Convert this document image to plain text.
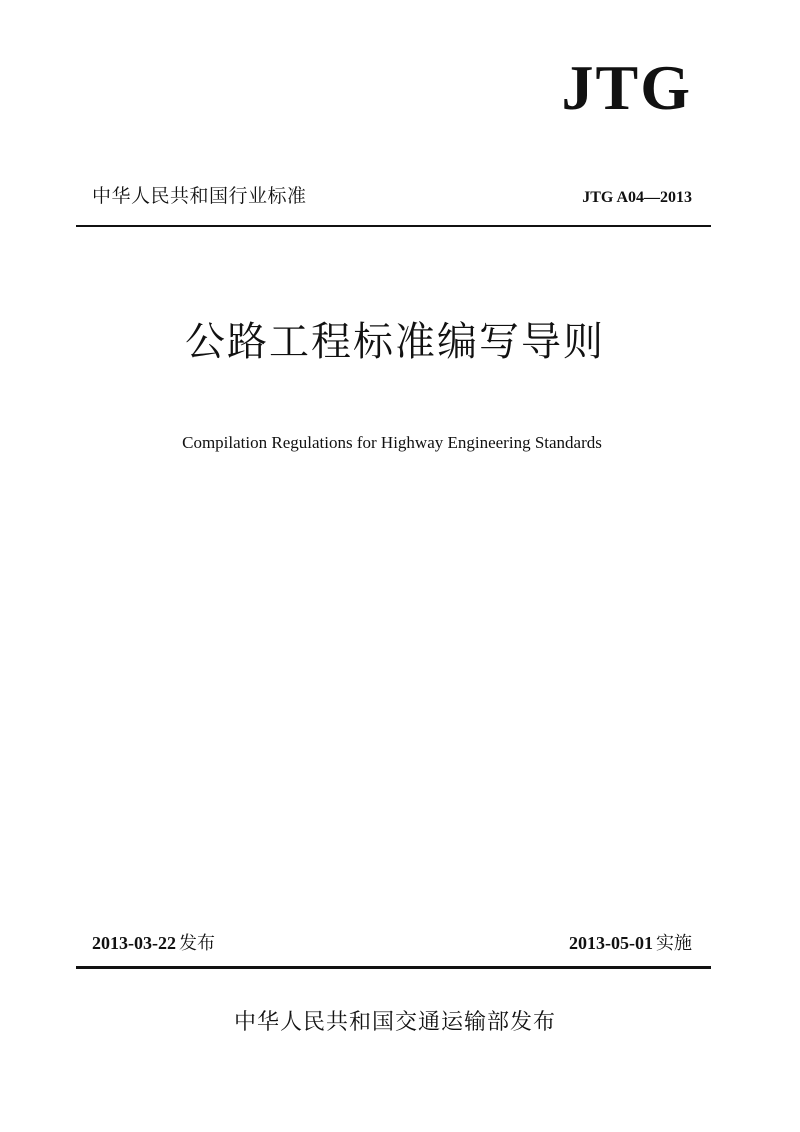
JTG
中华人民共和国行业标准	JTG A04—2013
公路工程标准编写导则
Compilation Regulations for Highway Engineering Standards
2013-03-22 发布	2013-05-01 实施
中华人民共和国交通运输部发布
